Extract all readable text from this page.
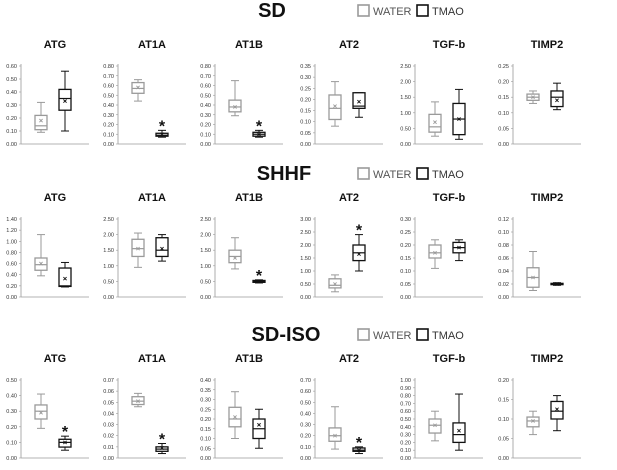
SD	WATER TMAO
ATG
0.00
0.10
0.20
0.30
0.40
0.50
0.60
AT1A
0.00
0.10
0.20
0.30
0.40
0.50
0.60
0.70
0.80
*
AT1B
0.00
0.10
0.20
0.30
0.40
0.50
0.60
0.70
0.80
*
AT2
0.00
0.05
0.10
0.15
0.20
0.25
0.30
0.35
TGF-b
0.00
0.50
1.00
1.50
2.00
2.50
TIMP2
0.00
0.05
0.10
0.15
0.20
0.25
SHHF	WATER TMAO
ATG
0.00
0.20
0.40
0.60
0.80
1.00
1.20
1.40
AT1A
0.00
0.50
1.00
1.50
2.00
2.50
AT1B
0.00
0.50
1.00
1.50
2.00
2.50
*
AT2
0.00
0.50
1.00
1.50
2.00
2.50
3.00
*
TGF-b
0.00
0.05
0.10
0.15
0.20
0.25
0.30
TIMP2
0.00
0.02
0.04
0.06
0.08
0.10
0.12
SD-ISO	WATER TMAO
ATG
0.00
0.10
0.20
0.30
0.40
0.50
*
AT1A
0.00
0.01
0.02
0.03
0.04
0.05
0.06
0.07
*
AT1B
0.00
0.05
0.10
0.15
0.20
0.25
0.30
0.35
0.40
AT2
0.00
0.10
0.20
0.30
0.40
0.50
0.60
0.70
*
TGF-b
0.00
0.10
0.20
0.30
0.40
0.50
0.60
0.70
0.80
0.90
1.00
TIMP2
0.00
0.05
0.10
0.15
0.20
